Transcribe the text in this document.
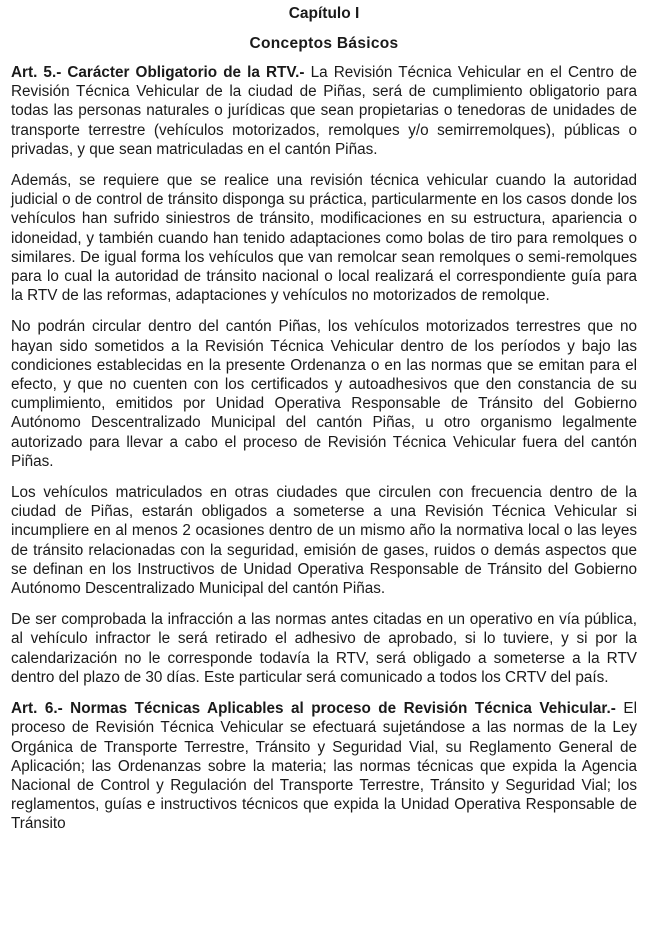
Capítulo I
Conceptos Básicos

Art. 5.- Carácter Obligatorio de la RTV.- La Revisión Técnica Vehicular en el Centro de Revisión Técnica Vehicular de la ciudad de Piñas, será de cumplimiento obligatorio para todas las personas naturales o jurídicas que sean propietarias o tenedoras de unidades de transporte terrestre (vehículos motorizados, remolques y/o semirremolques), públicas o privadas, y que sean matriculadas en el cantón Piñas.

Además, se requiere que se realice una revisión técnica vehicular cuando la autoridad judicial o de control de tránsito disponga su práctica, particularmente en los casos donde los vehículos han sufrido siniestros de tránsito, modificaciones en su estructura, apariencia o idoneidad, y también cuando han tenido adaptaciones como bolas de tiro para remolques o similares. De igual forma los vehículos que van remolcar sean remolques o semi-remolques para lo cual la autoridad de tránsito nacional o local realizará el correspondiente guía para la RTV de las reformas, adaptaciones y vehículos no motorizados de remolque.

No podrán circular dentro del cantón Piñas, los vehículos motorizados terrestres que no hayan sido sometidos a la Revisión Técnica Vehicular dentro de los períodos y bajo las condiciones establecidas en la presente Ordenanza o en las normas que se emitan para el efecto, y que no cuenten con los certificados y autoadhesivos que den constancia de su cumplimiento, emitidos por Unidad Operativa Responsable de Tránsito del Gobierno Autónomo Descentralizado Municipal del cantón Piñas, u otro organismo legalmente autorizado para llevar a cabo el proceso de Revisión Técnica Vehicular fuera del cantón Piñas.

Los vehículos matriculados en otras ciudades que circulen con frecuencia dentro de la ciudad de Piñas, estarán obligados a someterse a una Revisión Técnica Vehicular si incumpliere en al menos 2 ocasiones dentro de un mismo año la normativa local o las leyes de tránsito relacionadas con la seguridad, emisión de gases, ruidos o demás aspectos que se definan en los Instructivos de Unidad Operativa Responsable de Tránsito del Gobierno Autónomo Descentralizado Municipal del cantón Piñas.

De ser comprobada la infracción a las normas antes citadas en un operativo en vía pública, al vehículo infractor le será retirado el adhesivo de aprobado, si lo tuviere, y si por la calendarización no le corresponde todavía la RTV, será obligado a someterse a la RTV dentro del plazo de 30 días. Este particular será comunicado a todos los CRTV del país.

Art. 6.- Normas Técnicas Aplicables al proceso de Revisión Técnica Vehicular.- El proceso de Revisión Técnica Vehicular se efectuará sujetándose a las normas de la Ley Orgánica de Transporte Terrestre, Tránsito y Seguridad Vial, su Reglamento General de Aplicación; las Ordenanzas sobre la materia; las normas técnicas que expida la Agencia Nacional de Control y Regulación del Transporte Terrestre, Tránsito y Seguridad Vial; los reglamentos, guías e instructivos técnicos que expida la Unidad Operativa Responsable de Tránsito
